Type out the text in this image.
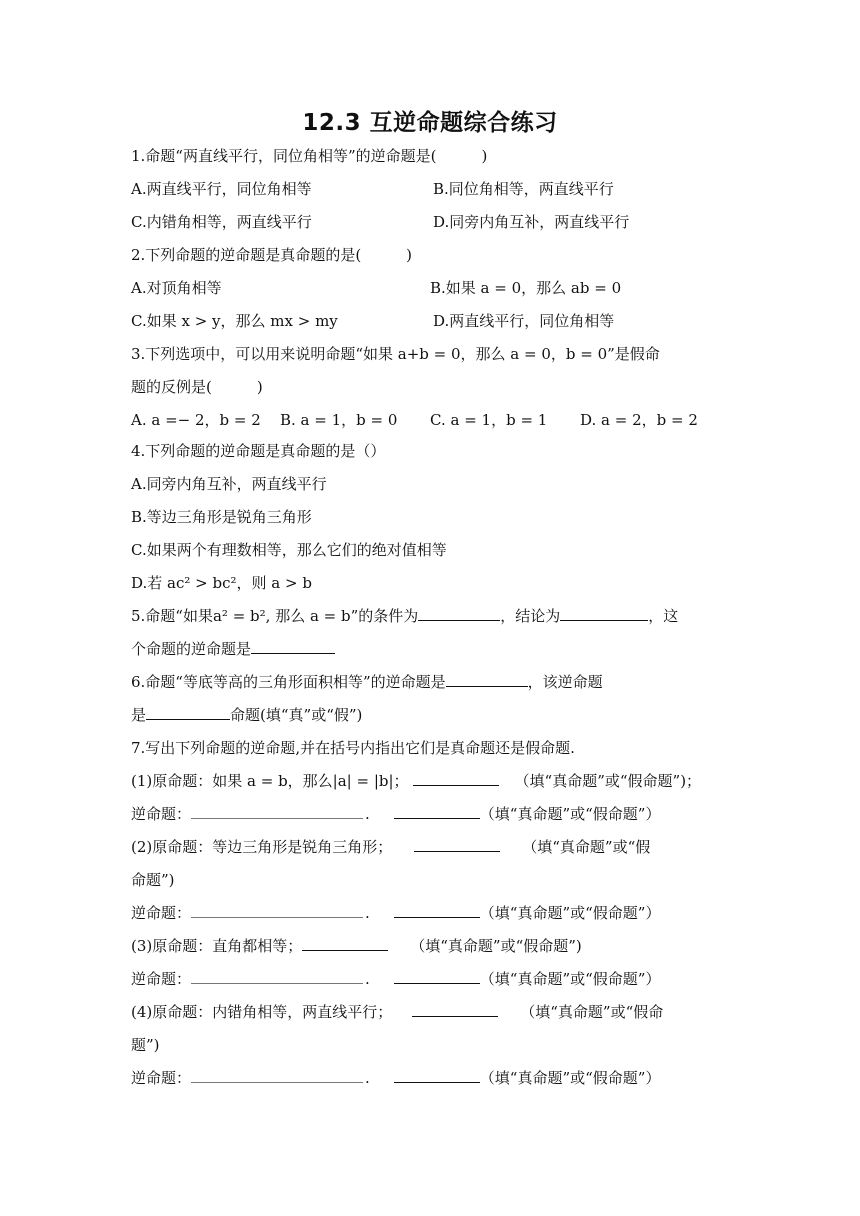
12.3 互逆命题综合练习
1.命题“两直线平行，同位角相等”的逆命题是(　　　)
A.两直线平行，同位角相等	B.同位角相等，两直线平行
C.内错角相等，两直线平行	D.同旁内角互补，两直线平行
2.下列命题的逆命题是真命题的是(　　　)
A.对顶角相等	B.如果 a = 0，那么 ab = 0
C.如果 x > y，那么 mx > my	D.两直线平行，同位角相等
3.下列选项中，可以用来说明命题“如果 a+b = 0，那么 a = 0，b = 0”是假命
题的反例是(　　　)
A. a =− 2，b = 2 B. a = 1，b = 0 C. a = 1，b = 1 D. a = 2，b = 2
4.下列命题的逆命题是真命题的是（）
A.同旁内角互补，两直线平行
B.等边三角形是锐角三角形
C.如果两个有理数相等，那么它们的绝对值相等
D.若 ac² > bc²，则 a > b
5.命题“如果a² = b², 那么 a = b”的条件为	，结论为	，这
个命题的逆命题是
6.命题“等底等高的三角形面积相等”的逆命题是	，该逆命题
是	命题(填“真”或“假”)
7.写出下列命题的逆命题,并在括号内指出它们是真命题还是假命题.
(1)原命题：如果 a = b，那么|a| = |b|；	（填“真命题”或“假命题”)；
逆命题：	.	（填“真命题”或“假命题”）
(2)原命题：等边三角形是锐角三角形；	（填“真命题”或“假
命题”)
逆命题：	.	（填“真命题”或“假命题”）
(3)原命题：直角都相等；	（填“真命题”或“假命题”)
逆命题：	.	（填“真命题”或“假命题”）
(4)原命题：内错角相等，两直线平行；	（填“真命题”或“假命
题”)
逆命题：	.	（填“真命题”或“假命题”）
